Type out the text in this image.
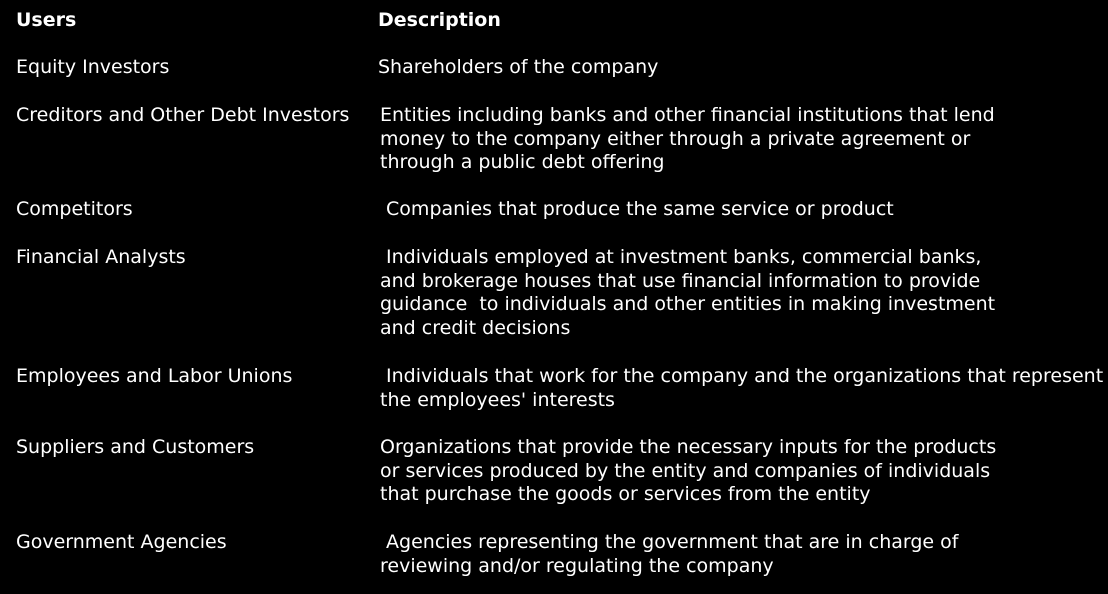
Users	Description
Equity Investors	Shareholders of the company
Creditors and Other Debt Investors	Entities including banks and other financial institutions that lend
money to the company either through a private agreement or
through a public debt offering
Competitors	Companies that produce the same service or product
Financial Analysts	Individuals employed at investment banks, commercial banks,
and brokerage houses that use financial information to provide
guidance  to individuals and other entities in making investment
and credit decisions
Employees and Labor Unions	Individuals that work for the company and the organizations that represent
the employees' interests
Suppliers and Customers	Organizations that provide the necessary inputs for the products
or services produced by the entity and companies of individuals
that purchase the goods or services from the entity
Government Agencies	Agencies representing the government that are in charge of
reviewing and/or regulating the company
